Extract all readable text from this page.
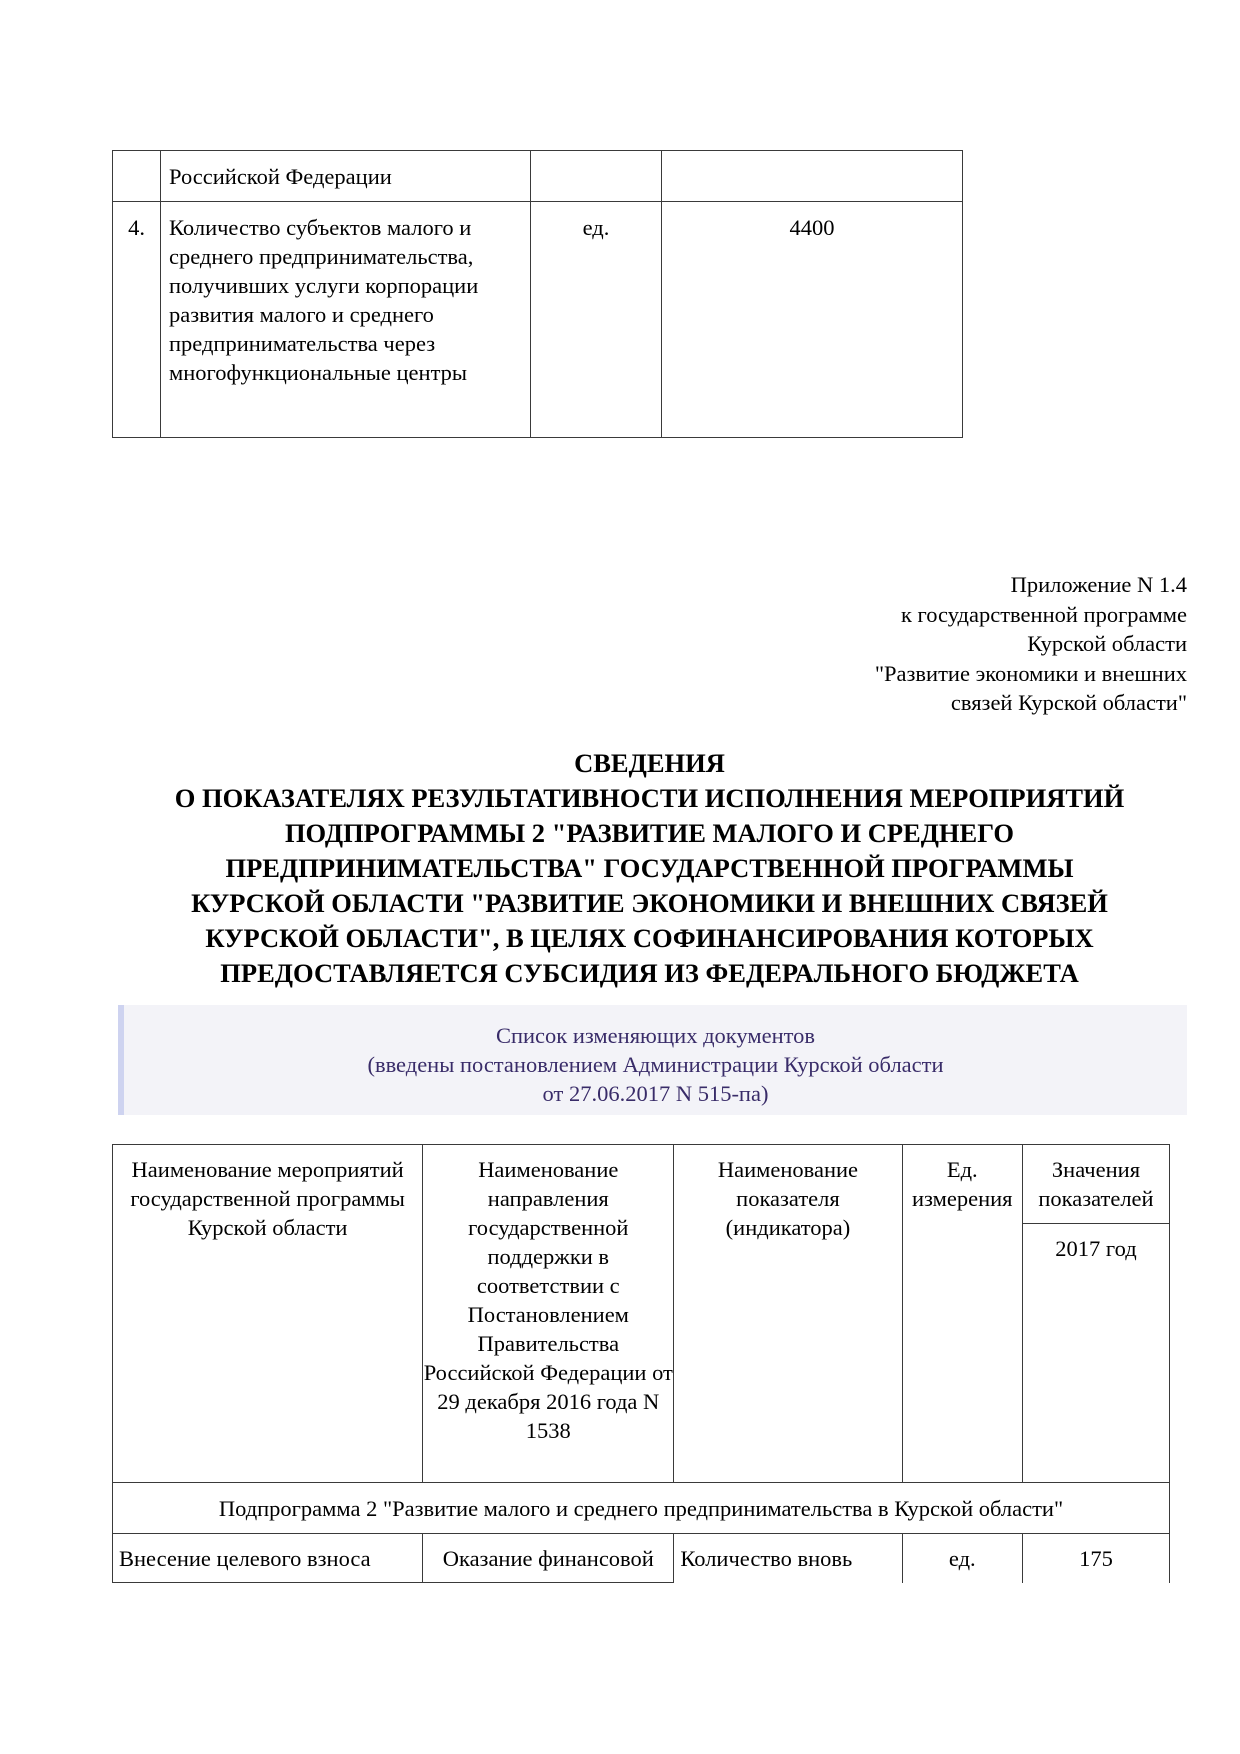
	Российской Федерации		
4.	Количество субъектов малого и среднего предпринимательства, получивших услуги корпорации развития малого и среднего предпринимательства через многофункциональные центры	ед.	4400
Приложение N 1.4
к государственной программе
Курской области
"Развитие экономики и внешних
связей Курской области"
СВЕДЕНИЯ
О ПОКАЗАТЕЛЯХ РЕЗУЛЬТАТИВНОСТИ ИСПОЛНЕНИЯ МЕРОПРИЯТИЙ
ПОДПРОГРАММЫ 2 "РАЗВИТИЕ МАЛОГО И СРЕДНЕГО
ПРЕДПРИНИМАТЕЛЬСТВА" ГОСУДАРСТВЕННОЙ ПРОГРАММЫ
КУРСКОЙ ОБЛАСТИ "РАЗВИТИЕ ЭКОНОМИКИ И ВНЕШНИХ СВЯЗЕЙ
КУРСКОЙ ОБЛАСТИ", В ЦЕЛЯХ СОФИНАНСИРОВАНИЯ КОТОРЫХ
ПРЕДОСТАВЛЯЕТСЯ СУБСИДИЯ ИЗ ФЕДЕРАЛЬНОГО БЮДЖЕТА
Список изменяющих документов
(введены постановлением Администрации Курской области
от 27.06.2017 N 515-па)
Наименование мероприятий государственной программы Курской области	Наименование направления государственной поддержки в соответствии с Постановлением Правительства Российской Федерации от 29 декабря 2016 года N 1538	Наименование показателя (индикатора)	Ед. измерения	Значения показателей
				2017 год
Подпрограмма 2 "Развитие малого и среднего предпринимательства в Курской области"				
Внесение целевого взноса	Оказание финансовой	Количество вновь	ед.	175
